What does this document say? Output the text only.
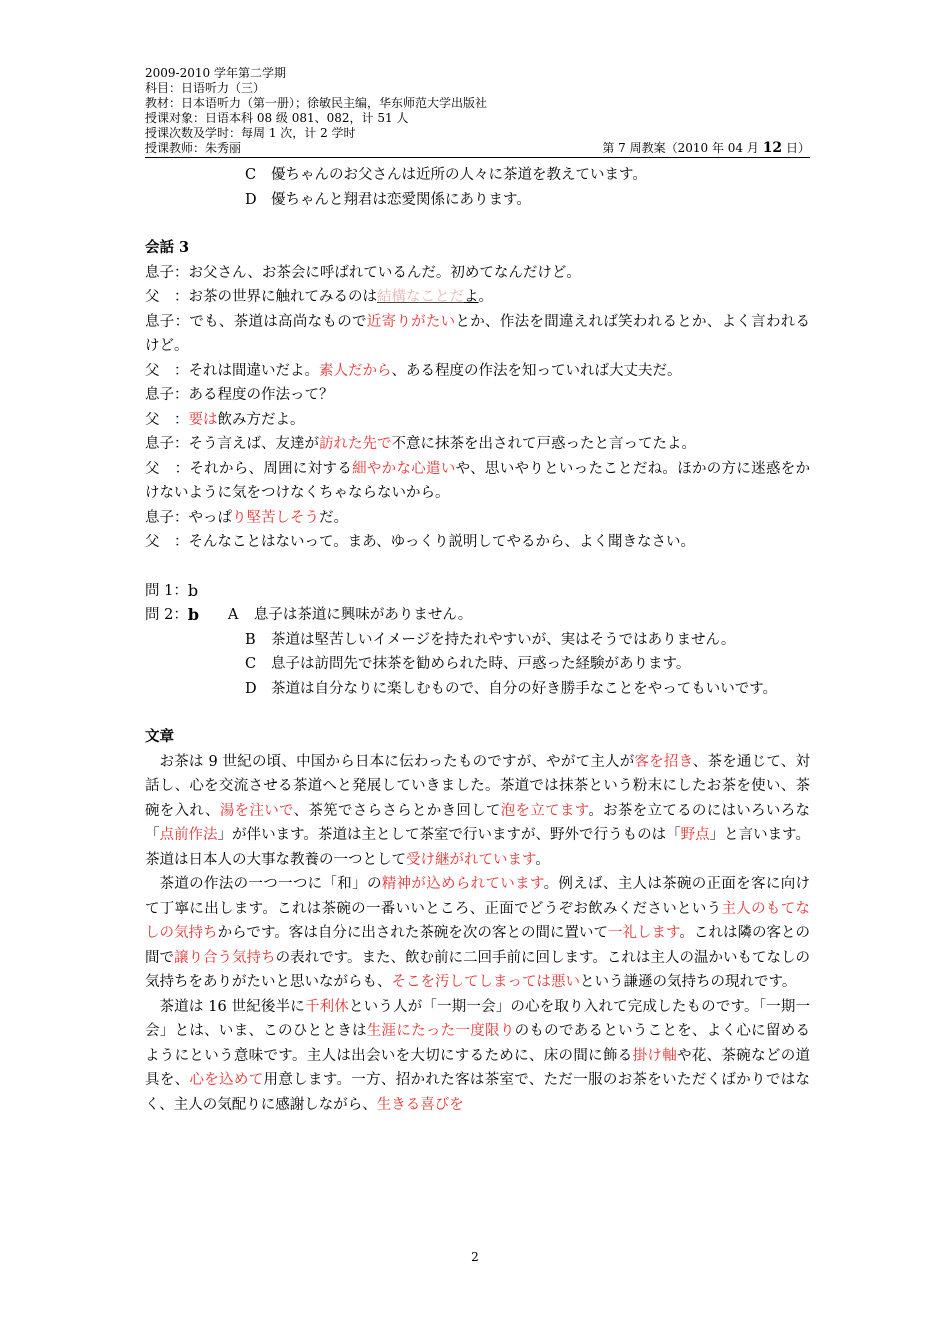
2009-2010 学年第二学期
科目：日语听力（三）
教材：日本语听力（第一册）；徐敏民主编，华东师范大学出版社
授课对象：日语本科 08 级 081、082，计 51 人
授课次数及学时：每周 1 次，计 2 学时
授课教师：朱秀丽	第 7 周教案（2010 年 04 月 12 日）
C 優ちゃんのお父さんは近所の人々に茶道を教えています。
D 優ちゃんと翔君は恋愛関係にあります。
会話 3
息子：お父さん、お茶会に呼ばれているんだ。初めてなんだけど。
父　：お茶の世界に触れてみるのは結構なことだよ。
息子：でも、茶道は高尚なもので近寄りがたいとか、作法を間違えれば笑われるとか、よく言われるけど。
父　：それは間違いだよ。素人だから、ある程度の作法を知っていれば大丈夫だ。
息子：ある程度の作法って？
父　：要は飲み方だよ。
息子：そう言えば、友達が訪れた先で不意に抹茶を出されて戸惑ったと言ってたよ。
父　：それから、周囲に対する細やかな心遣いや、思いやりといったことだね。ほかの方に迷惑をかけないように気をつけなくちゃならないから。
息子：やっぱり堅苦しそうだ。
父　：そんなことはないって。まあ、ゆっくり説明してやるから、よく聞きなさい。
問 1： b
問 2： b	A	息子は茶道に興味がありません。
B	茶道は堅苦しいイメージを持たれやすいが、実はそうではありません。
C	息子は訪問先で抹茶を勧められた時、戸惑った経験があります。
D 茶道は自分なりに楽しむもので、自分の好き勝手なことをやってもいいです。
文章
お茶は 9 世紀の頃、中国から日本に伝わったものですが、やがて主人が客を招き、茶を通じて、対話し、心を交流させる茶道へと発展していきました。茶道では抹茶という粉末にしたお茶を使い、茶碗を入れ、湯を注いで、茶筅でさらさらとかき回して泡を立てます。お茶を立てるのにはいろいろな「点前作法」が伴います。茶道は主として茶室で行いますが、野外で行うものは「野点」と言います。茶道は日本人の大事な教養の一つとして受け継がれています。
茶道の作法の一つ一つに「和」の精神が込められています。例えば、主人は茶碗の正面を客に向けて丁寧に出します。これは茶碗の一番いいところ、正面でどうぞお飲みくださいという主人のもてなしの気持ちからです。客は自分に出された茶碗を次の客との間に置いて一礼します。これは隣の客との間で譲り合う気持ちの表れです。また、飲む前に二回手前に回します。これは主人の温かいもてなしの気持ちをありがたいと思いながらも、そこを汚してしまっては悪いという謙遜の気持ちの現れです。
茶道は 16 世紀後半に千利休という人が「一期一会」の心を取り入れて完成したものです。「一期一会」とは、いま、このひとときは生涯にたった一度限りのものであるということを、よく心に留めるようにという意味です。主人は出会いを大切にするために、床の間に飾る掛け軸や花、茶碗などの道具を、心を込めて用意します。一方、招かれた客は茶室で、ただ一服のお茶をいただくばかりではなく、主人の気配りに感謝しながら、生きる喜びを
2
